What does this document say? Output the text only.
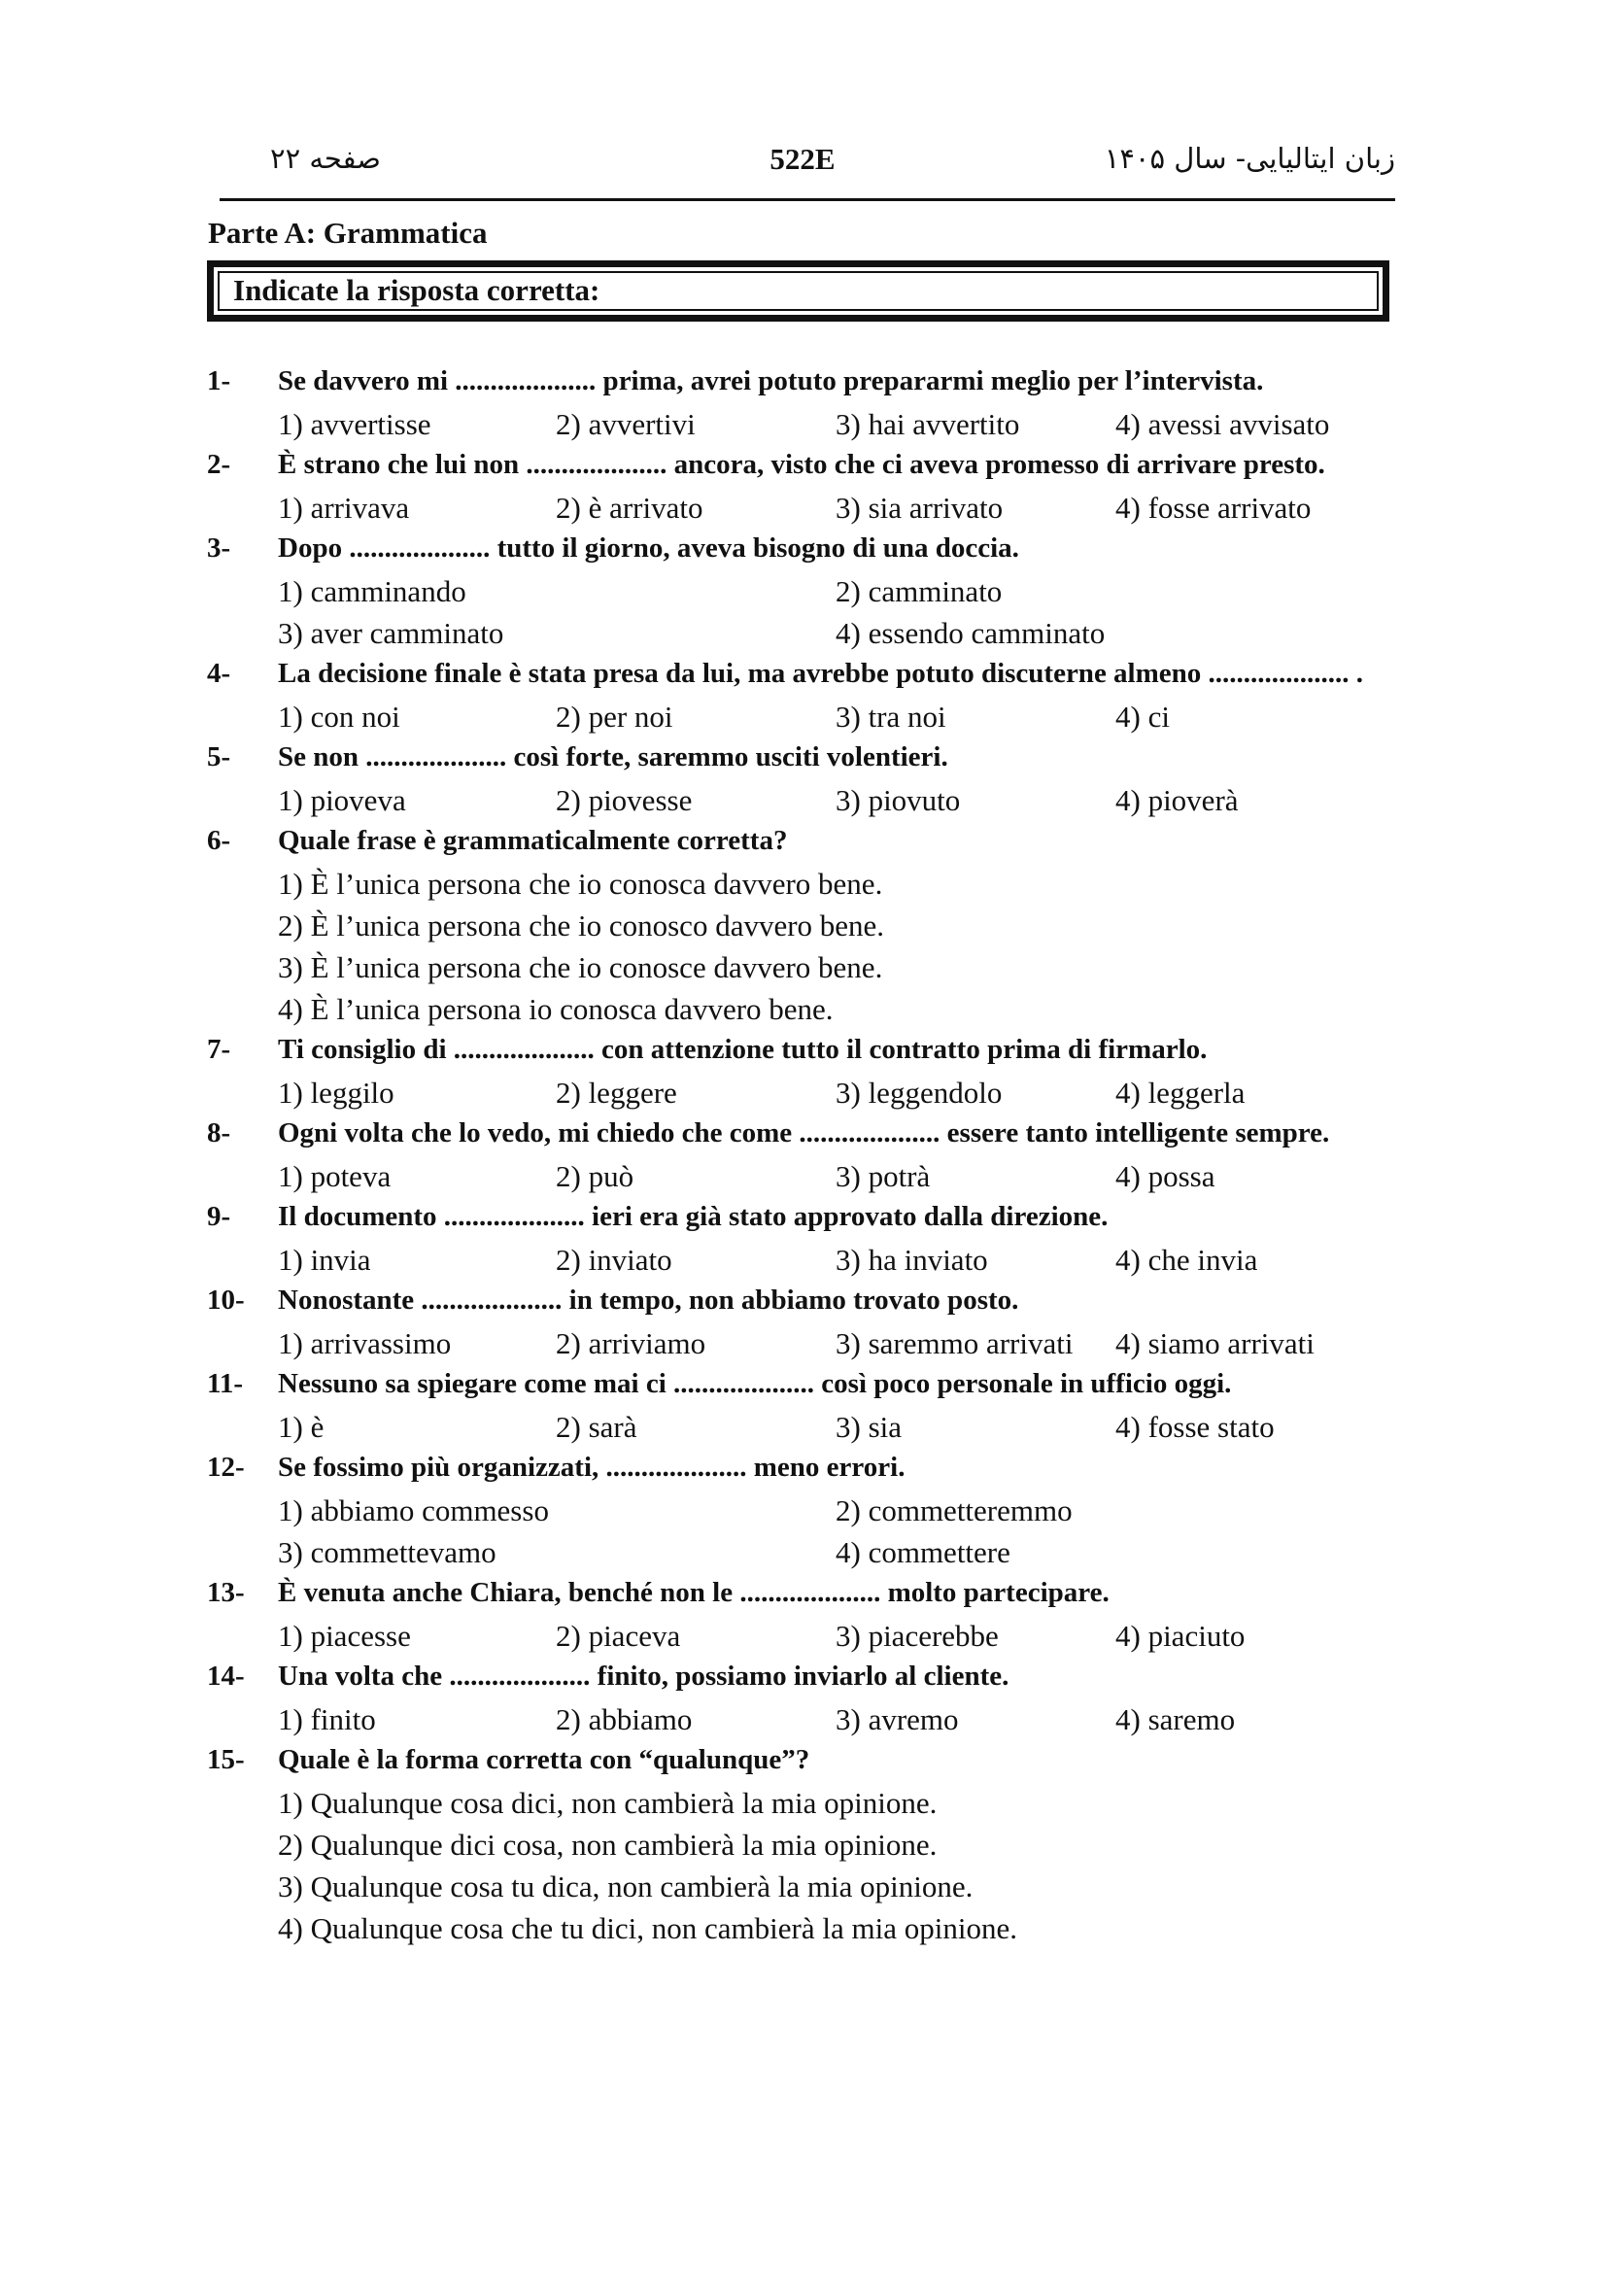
صفحه ۲۲	522E	زبان ایتالیایی- سال ۱۴۰۵
Parte A: Grammatica
Indicate la risposta corretta:
1- Se davvero mi .................... prima, avrei potuto prepararmi meglio per l’intervista.
1) avvertisse	2) avvertivi	3) hai avvertito	4) avessi avvisato
2- È strano che lui non .................... ancora, visto che ci aveva promesso di arrivare presto.
1) arrivava	2) è arrivato	3) sia arrivato	4) fosse arrivato
3- Dopo .................... tutto il giorno, aveva bisogno di una doccia.
1) camminando	2) camminato
3) aver camminato	4) essendo camminato
4- La decisione finale è stata presa da lui, ma avrebbe potuto discuterne almeno .................... .
1) con noi	2) per noi	3) tra noi	4) ci
5- Se non .................... così forte, saremmo usciti volentieri.
1) pioveva	2) piovesse	3) piovuto	4) pioverà
6- Quale frase è grammaticalmente corretta?
1) È l’unica persona che io conosca davvero bene.
2) È l’unica persona che io conosco davvero bene.
3) È l’unica persona che io conosce davvero bene.
4) È l’unica persona io conosca davvero bene.
7- Ti consiglio di .................... con attenzione tutto il contratto prima di firmarlo.
1) leggilo	2) leggere	3) leggendolo	4) leggerla
8- Ogni volta che lo vedo, mi chiedo che come .................... essere tanto intelligente sempre.
1) poteva	2) può	3) potrà	4) possa
9- Il documento .................... ieri era già stato approvato dalla direzione.
1) invia	2) inviato	3) ha inviato	4) che invia
10- Nonostante .................... in tempo, non abbiamo trovato posto.
1) arrivassimo	2) arriviamo	3) saremmo arrivati 4) siamo arrivati
11- Nessuno sa spiegare come mai ci .................... così poco personale in ufficio oggi.
1) è	2) sarà	3) sia	4) fosse stato
12- Se fossimo più organizzati, .................... meno errori.
1) abbiamo commesso	2) commetteremmo
3) commettevamo	4) commettere
13- È venuta anche Chiara, benché non le .................... molto partecipare.
1) piacesse	2) piaceva	3) piacerebbe	4) piaciuto
14- Una volta che .................... finito, possiamo inviarlo al cliente.
1) finito	2) abbiamo	3) avremo	4) saremo
15- Quale è la forma corretta con “qualunque”?
1) Qualunque cosa dici, non cambierà la mia opinione.
2) Qualunque dici cosa, non cambierà la mia opinione.
3) Qualunque cosa tu dica, non cambierà la mia opinione.
4) Qualunque cosa che tu dici, non cambierà la mia opinione.
